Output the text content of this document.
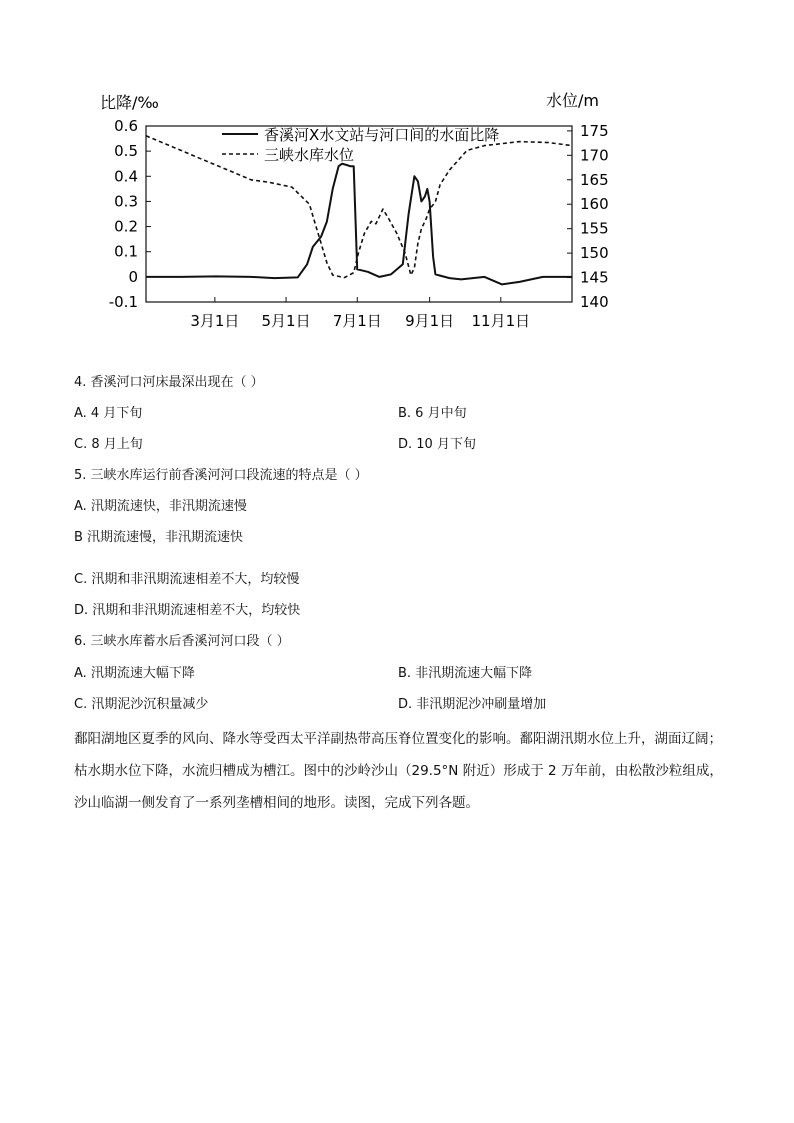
比降/‰	水位/m
0.6
0.5
0.4
0.3
0.2
0.1
0
-0.1
175
170
165
160
155
150
145
140
3月1日 5月1日 7月1日 9月1日 11月1日
香溪河X水文站与河口间的水面比降
三峡水库水位
4. 香溪河口河床最深出现在（ ）
A. 4 月下旬	B. 6 月中旬
C. 8 月上旬	D. 10 月下旬
5. 三峡水库运行前香溪河河口段流速的特点是（ ）
A. 汛期流速快，非汛期流速慢
B 汛期流速慢，非汛期流速快
C. 汛期和非汛期流速相差不大，均较慢
D. 汛期和非汛期流速相差不大，均较快
6. 三峡水库蓄水后香溪河河口段（ ）
A. 汛期流速大幅下降	B. 非汛期流速大幅下降
C. 汛期泥沙沉积量减少	D. 非汛期泥沙冲刷量增加
鄱阳湖地区夏季的风向、降水等受西太平洋副热带高压脊位置变化的影响。鄱阳湖汛期水位上升，湖面辽阔；枯水期水位下降，水流归槽成为槽江。图中的沙岭沙山（29.5°N 附近）形成于 2 万年前，由松散沙粒组成，沙山临湖一侧发育了一系列垄槽相间的地形。读图，完成下列各题。
